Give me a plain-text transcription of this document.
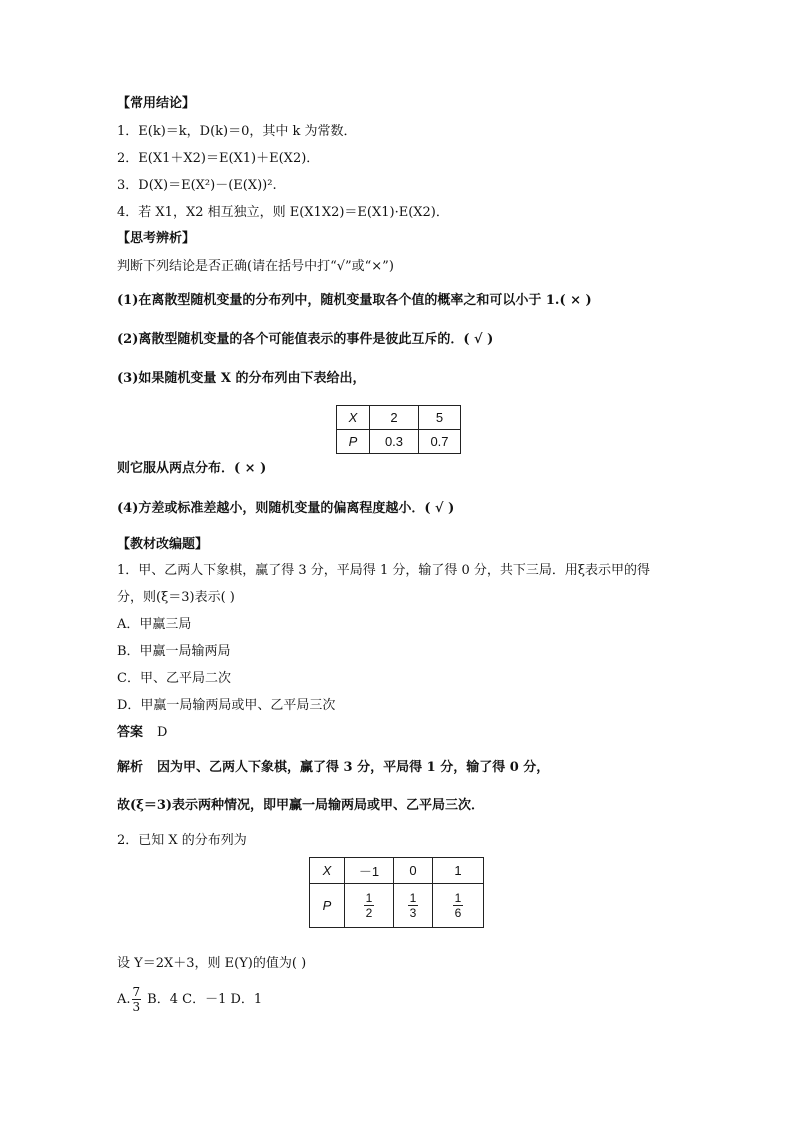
【常用结论】
1．E(k)＝k，D(k)＝0，其中 k 为常数．
2．E(X1＋X2)＝E(X1)＋E(X2)．
3．D(X)＝E(X²)－(E(X))².
4．若 X1，X2 相互独立，则 E(X1X2)＝E(X1)·E(X2)．
【思考辨析】
判断下列结论是否正确(请在括号中打“√”或“×”)
(1)在离散型随机变量的分布列中，随机变量取各个值的概率之和可以小于 1.( × )
(2)离散型随机变量的各个可能值表示的事件是彼此互斥的．( √ )
(3)如果随机变量 X 的分布列由下表给出，
X	2	5
P	0.3	0.7
则它服从两点分布．( × )
(4)方差或标准差越小，则随机变量的偏离程度越小．( √ )
【教材改编题】
1．甲、乙两人下象棋，赢了得 3 分，平局得 1 分，输了得 0 分，共下三局．用ξ表示甲的得
分，则(ξ＝3)表示( )
A．甲赢三局
B．甲赢一局输两局
C．甲、乙平局二次
D．甲赢一局输两局或甲、乙平局三次
答案 D
解析 因为甲、乙两人下象棋，赢了得 3 分，平局得 1 分，输了得 0 分，
故(ξ＝3)表示两种情况，即甲赢一局输两局或甲、乙平局三次．
2．已知 X 的分布列为
X	－1	0	1
P	$\frac{1}{2}$	$\frac{1}{3}$	$\frac{1}{6}$
设 Y＝2X＋3，则 E(Y)的值为( )
A. $\frac{7}{3}$ B．4 C．－1 D．1
